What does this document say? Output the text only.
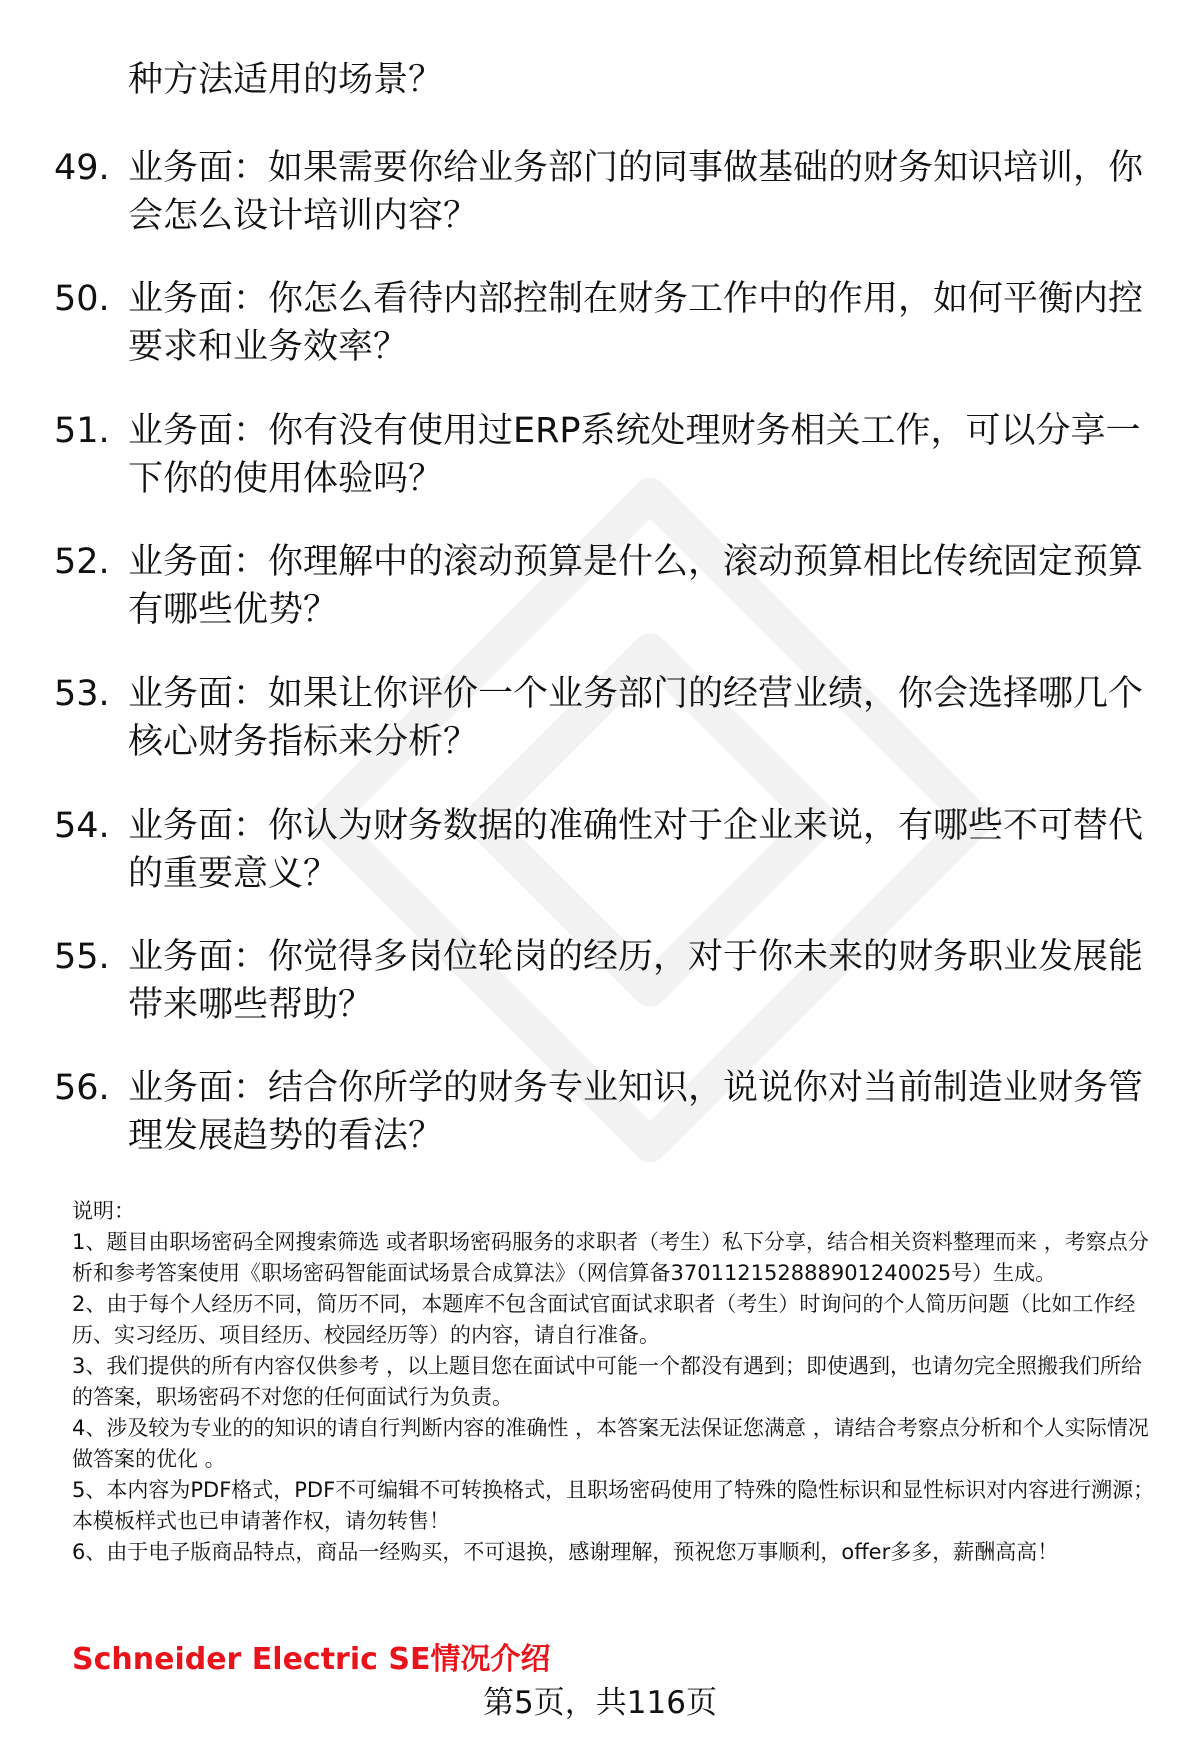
种方法适用的场景？
49. 业务面：如果需要你给业务部门的同事做基础的财务知识培训，你会怎么设计培训内容？
50. 业务面：你怎么看待内部控制在财务工作中的作用，如何平衡内控要求和业务效率？
51. 业务面：你有没有使用过ERP系统处理财务相关工作，可以分享一下你的使用体验吗？
52. 业务面：你理解中的滚动预算是什么，滚动预算相比传统固定预算有哪些优势？
53. 业务面：如果让你评价一个业务部门的经营业绩，你会选择哪几个核心财务指标来分析？
54. 业务面：你认为财务数据的准确性对于企业来说，有哪些不可替代的重要意义？
55. 业务面：你觉得多岗位轮岗的经历，对于你未来的财务职业发展能带来哪些帮助？
56. 业务面：结合你所学的财务专业知识，说说你对当前制造业财务管理发展趋势的看法？
说明：
1、题目由职场密码全网搜索筛选 或者职场密码服务的求职者（考生）私下分享，结合相关资料整理而来 ，考察点分析和参考答案使用《职场密码智能面试场景合成算法》（网信算备370112152888901240025号）生成。
2、由于每个人经历不同，简历不同，本题库不包含面试官面试求职者（考生）时询问的个人简历问题（比如工作经历、实习经历、项目经历、校园经历等）的内容，请自行准备。
3、我们提供的所有内容仅供参考 ，以上题目您在面试中可能一个都没有遇到；即使遇到，也请勿完全照搬我们所给的答案，职场密码不对您的任何面试行为负责。
4、涉及较为专业的的知识的请自行判断内容的准确性 ，本答案无法保证您满意 ，请结合考察点分析和个人实际情况做答案的优化 。
5、本内容为PDF格式，PDF不可编辑不可转换格式，且职场密码使用了特殊的隐性标识和显性标识对内容进行溯源；本模板样式也已申请著作权，请勿转售！
6、由于电子版商品特点，商品一经购买，不可退换，感谢理解，预祝您万事顺利，offer多多，薪酬高高！
Schneider Electric SE情况介绍
第5页，共116页
